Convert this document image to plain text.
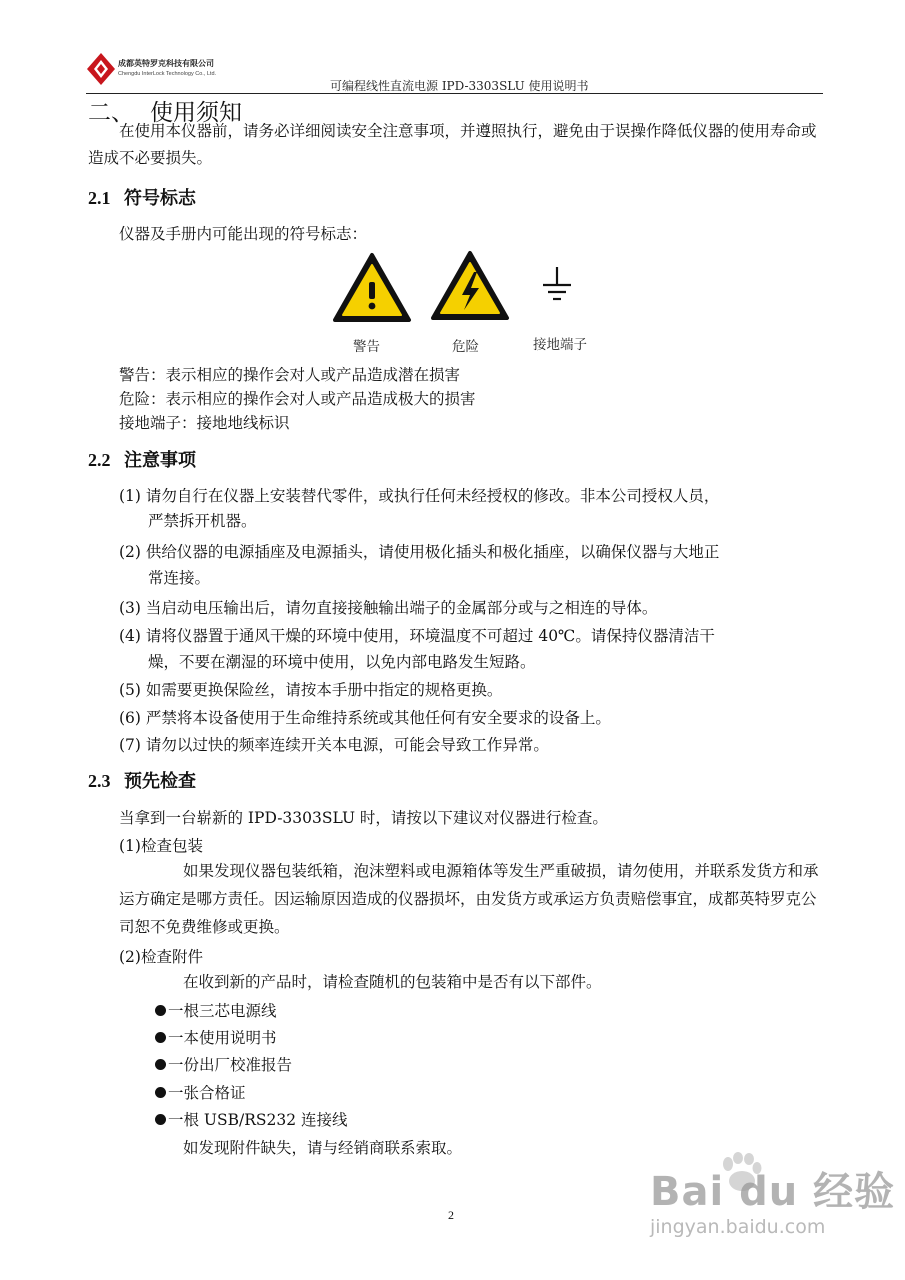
成都英特罗克科技有限公司
Chengdu InterLock Technology Co., Ltd.
可编程线性直流电源 IPD-3303SLU 使用说明书
二、 使用须知
在使用本仪器前，请务必详细阅读安全注意事项，并遵照执行，避免由于误操作降低仪器的使用寿命或造成不必要损失。
2.1 符号标志
仪器及手册内可能出现的符号标志：
警告	危险	接地端子
警告：表示相应的操作会对人或产品造成潜在损害
危险：表示相应的操作会对人或产品造成极大的损害
接地端子：接地地线标识
2.2 注意事项
(1) 请勿自行在仪器上安装替代零件，或执行任何未经授权的修改。非本公司授权人员，
严禁拆开机器。
(2) 供给仪器的电源插座及电源插头，请使用极化插头和极化插座，以确保仪器与大地正
常连接。
(3) 当启动电压输出后，请勿直接接触输出端子的金属部分或与之相连的导体。
(4) 请将仪器置于通风干燥的环境中使用，环境温度不可超过 40℃。请保持仪器清洁干
燥，不要在潮湿的环境中使用，以免内部电路发生短路。
(5) 如需要更换保险丝，请按本手册中指定的规格更换。
(6) 严禁将本设备使用于生命维持系统或其他任何有安全要求的设备上。
(7) 请勿以过快的频率连续开关本电源，可能会导致工作异常。
2.3 预先检查
当拿到一台崭新的 IPD-3303SLU 时，请按以下建议对仪器进行检查。
(1)检查包装
如果发现仪器包装纸箱，泡沫塑料或电源箱体等发生严重破损，请勿使用，并联系发货方和承运方确定是哪方责任。因运输原因造成的仪器损坏，由发货方或承运方负责赔偿事宜，成都英特罗克公司恕不免费维修或更换。
(2)检查附件
在收到新的产品时，请检查随机的包装箱中是否有以下部件。
一根三芯电源线
一本使用说明书
一份出厂校准报告
一张合格证
一根 USB/RS232 连接线
如发现附件缺失，请与经销商联系索取。
2	Bai du 经验
jingyan.baidu.com
